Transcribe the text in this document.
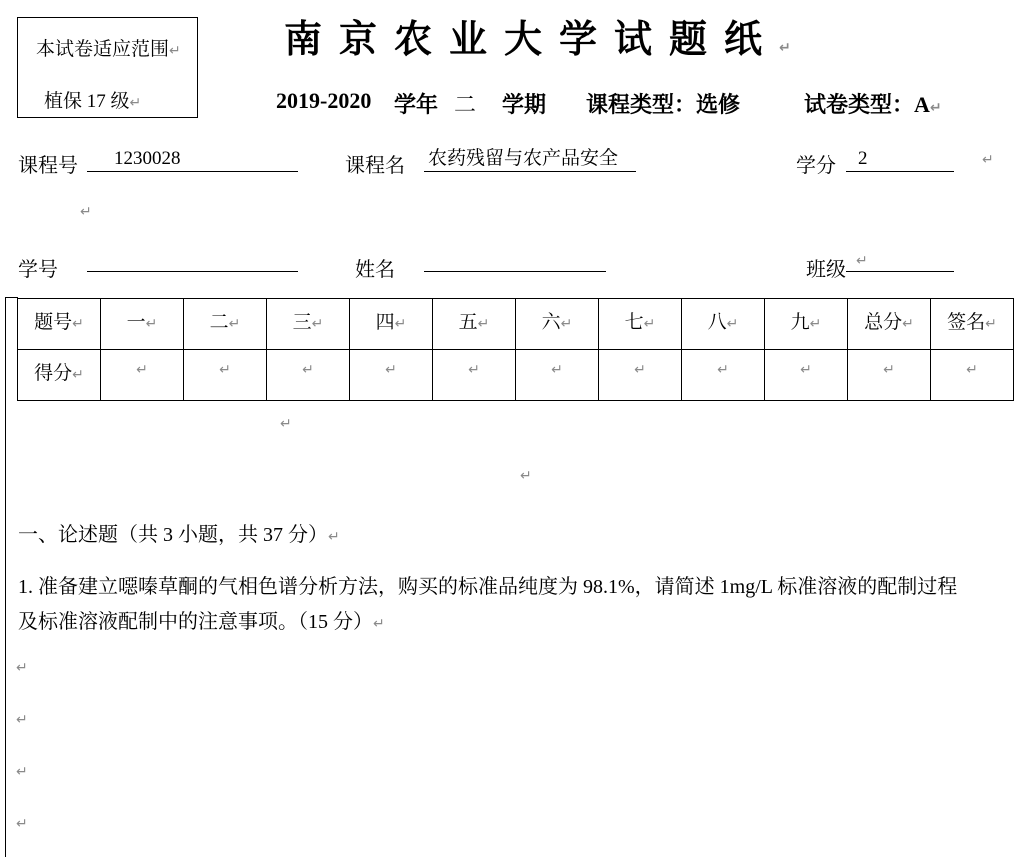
本试卷适应范围↵
植保 17 级↵
南京农业大学试题纸↵
2019-2020 学年 二 学期 课程类型：选修	试卷类型：A↵
课程号 1230028	课程名 农药残留与农产品安全	学分 2	↵
↵
学号	姓名	班级 ↵
题号↵	一↵	二↵	三↵	四↵	五↵	六↵	七↵	八↵	九↵	总分↵	签名↵
得分↵	↵	↵	↵	↵	↵	↵	↵	↵	↵	↵	↵
↵
↵
一、论述题（共 3 小题，共 37 分）↵
1. 准备建立噁嗪草酮的气相色谱分析方法，购买的标准品纯度为 98.1%，请简述 1mg/L 标准溶液的配制过程
及标准溶液配制中的注意事项。（15 分）↵
↵
↵
↵
↵
